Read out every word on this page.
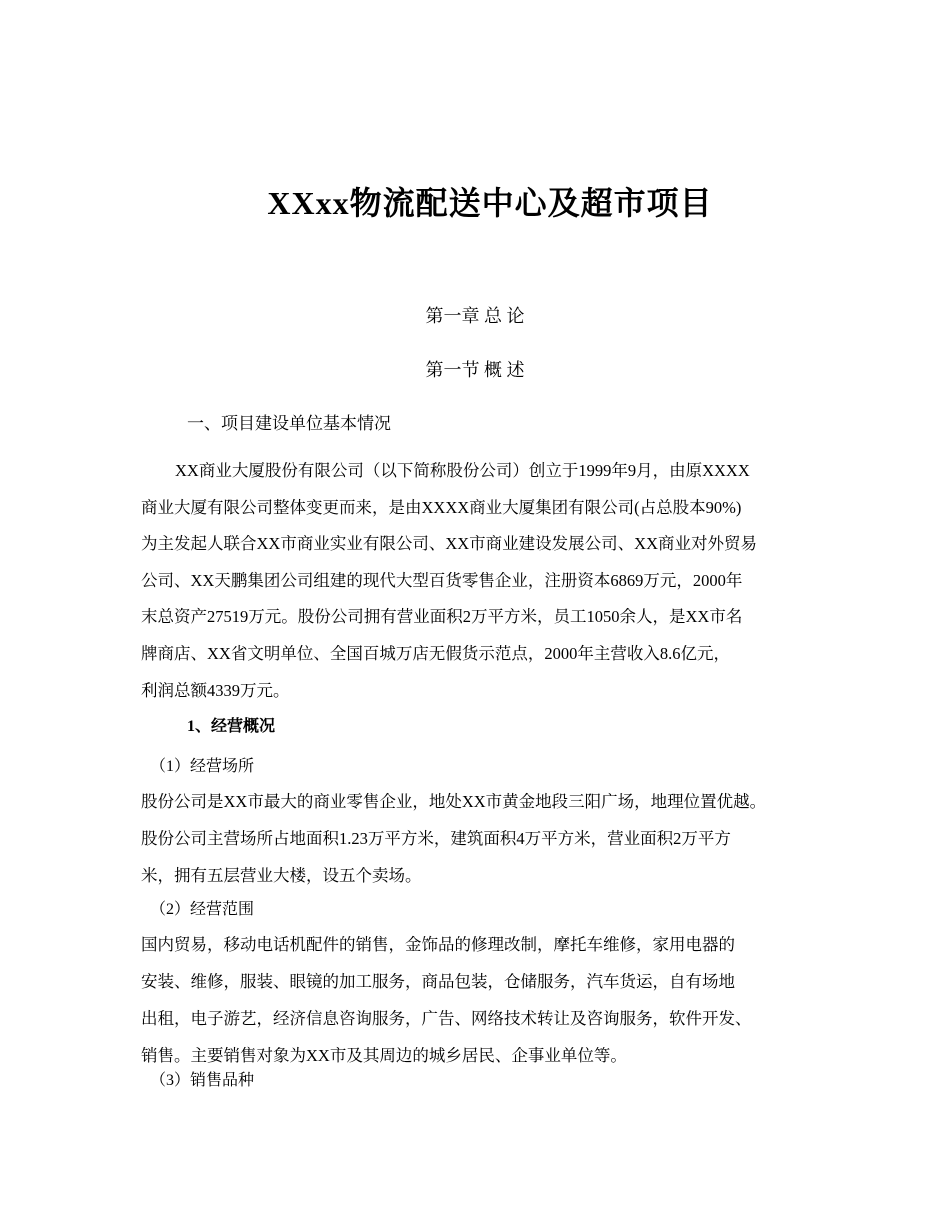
XXxx物流配送中心及超市项目
第一章 总 论
第一节 概 述
一、项目建设单位基本情况
XX商业大厦股份有限公司（以下简称股份公司）创立于1999年9月，由原XXXX
商业大厦有限公司整体变更而来，是由XXXX商业大厦集团有限公司(占总股本90%)
为主发起人联合XX市商业实业有限公司、XX市商业建设发展公司、XX商业对外贸易
公司、XX天鹏集团公司组建的现代大型百货零售企业，注册资本6869万元，2000年
末总资产27519万元。股份公司拥有营业面积2万平方米，员工1050余人，是XX市名
牌商店、XX省文明单位、全国百城万店无假货示范点，2000年主营收入8.6亿元，
利润总额4339万元。
1、经营概况
（1）经营场所
股份公司是XX市最大的商业零售企业，地处XX市黄金地段三阳广场，地理位置优越。
股份公司主营场所占地面积1.23万平方米，建筑面积4万平方米，营业面积2万平方
米，拥有五层营业大楼，设五个卖场。
（2）经营范围
国内贸易，移动电话机配件的销售，金饰品的修理改制，摩托车维修，家用电器的
安装、维修，服装、眼镜的加工服务，商品包装，仓储服务，汽车货运，自有场地
出租，电子游艺，经济信息咨询服务，广告、网络技术转让及咨询服务，软件开发、
销售。主要销售对象为XX市及其周边的城乡居民、企事业单位等。
（3）销售品种
